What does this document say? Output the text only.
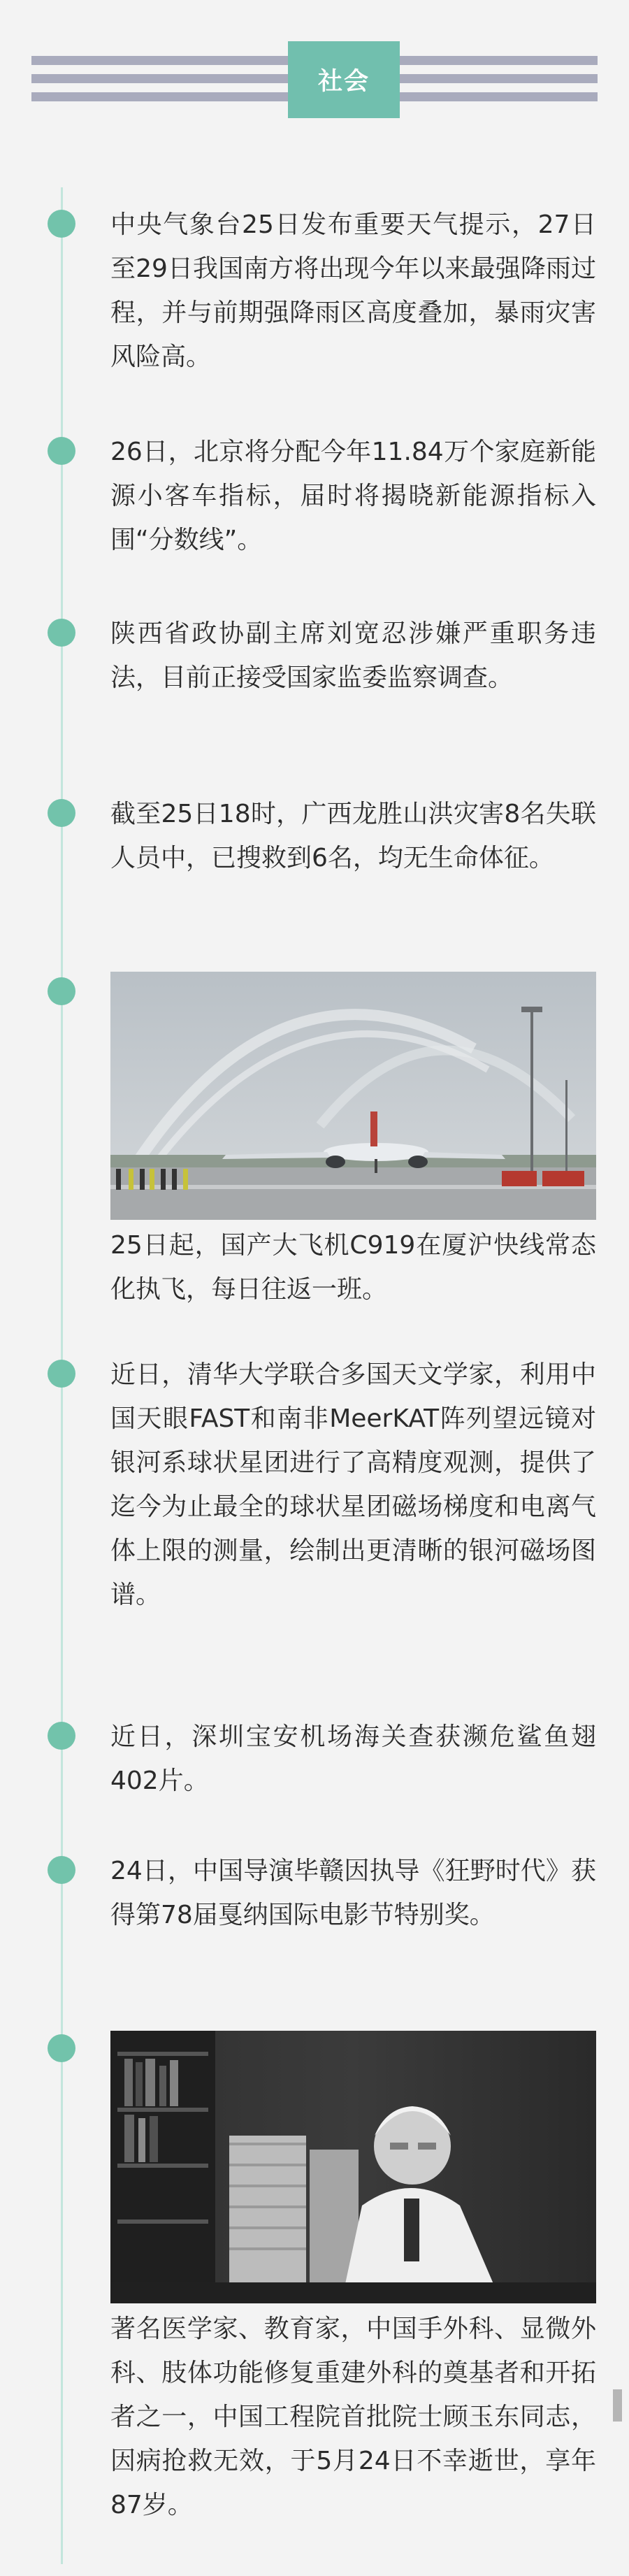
社会
中央气象台25日发布重要天气提示，27日至29日我国南方将出现今年以来最强降雨过程，并与前期强降雨区高度叠加，暴雨灾害风险高。
26日，北京将分配今年11.84万个家庭新能源小客车指标，届时将揭晓新能源指标入围“分数线”。
陕西省政协副主席刘宽忍涉嫌严重职务违法，目前正接受国家监委监察调查。
截至25日18时，广西龙胜山洪灾害8名失联人员中，已搜救到6名，均无生命体征。
25日起，国产大飞机C919在厦沪快线常态化执飞，每日往返一班。
近日，清华大学联合多国天文学家，利用中国天眼FAST和南非MeerKAT阵列望远镜对银河系球状星团进行了高精度观测，提供了迄今为止最全的球状星团磁场梯度和电离气体上限的测量，绘制出更清晰的银河磁场图谱。
近日，深圳宝安机场海关查获濒危鲨鱼翅402片。
24日，中国导演毕赣因执导《狂野时代》获得第78届戛纳国际电影节特别奖。
著名医学家、教育家，中国手外科、显微外科、肢体功能修复重建外科的奠基者和开拓者之一，中国工程院首批院士顾玉东同志，因病抢救无效，于5月24日不幸逝世，享年87岁。
